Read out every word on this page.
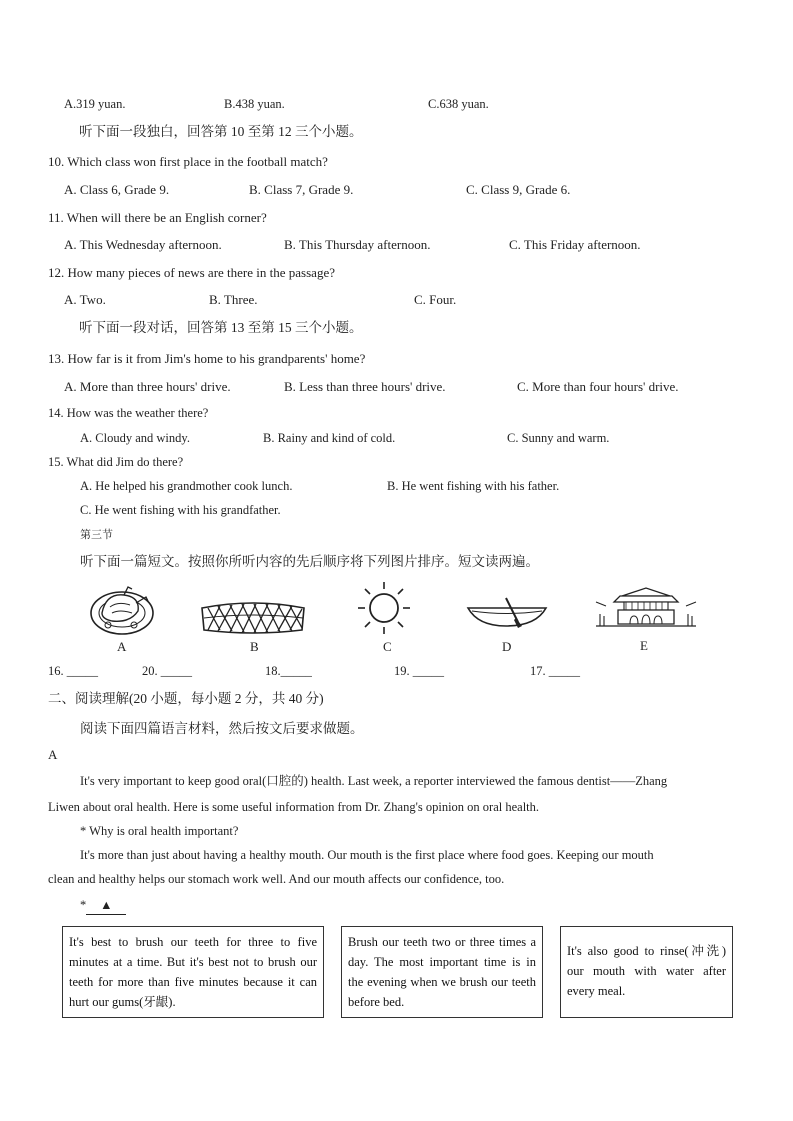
A.319 yuan.	B.438 yuan.	C.638 yuan.
听下面一段独白，回答第 10 至第 12 三个小题。
10. Which class won first place in the football match?
A. Class 6, Grade 9.	B. Class 7, Grade 9.	C. Class 9, Grade 6.
11. When will there be an English corner?
A. This Wednesday afternoon.	B. This Thursday afternoon.	C. This Friday afternoon.
12. How many pieces of news are there in the passage?
A. Two.	B. Three.	C. Four.
听下面一段对话，回答第 13 至第 15 三个小题。
13. How far is it from Jim's home to his grandparents' home?
A. More than three hours' drive.	B. Less than three hours' drive.	C. More than four hours' drive.
14. How was the weather there?
A. Cloudy and windy.	B. Rainy and kind of cold.	C. Sunny and warm.
15. What did Jim do there?
A. He helped his grandmother cook lunch.	B. He went fishing with his father.
C. He went fishing with his grandfather.
第三节
听下面一篇短文。按照你所听内容的先后顺序将下列图片排序。短文读两遍。
A	B	C	D	E
16. _____	20. _____	18._____	19. _____	17. _____
二、阅读理解(20 小题，每小题 2 分，共 40 分)
阅读下面四篇语言材料，然后按文后要求做题。
A
It's very important to keep good oral(口腔的) health. Last week, a reporter interviewed the famous dentist——Zhang
Liwen about oral health. Here is some useful information from Dr. Zhang's opinion on oral health.
* Why is oral health important?
It's more than just about having a healthy mouth. Our mouth is the first place where food goes. Keeping our mouth
clean and healthy helps our stomach work well. And our mouth affects our confidence, too.
* ▲
It's best to brush our teeth for three to five minutes at a time. But it's best not to brush our teeth for more than five minutes because it can hurt our gums(牙龈).
Brush our teeth two or three times a day. The most important time is in the evening when we brush our teeth before bed.
It's also good to rinse(冲洗) our mouth with water after every meal.
